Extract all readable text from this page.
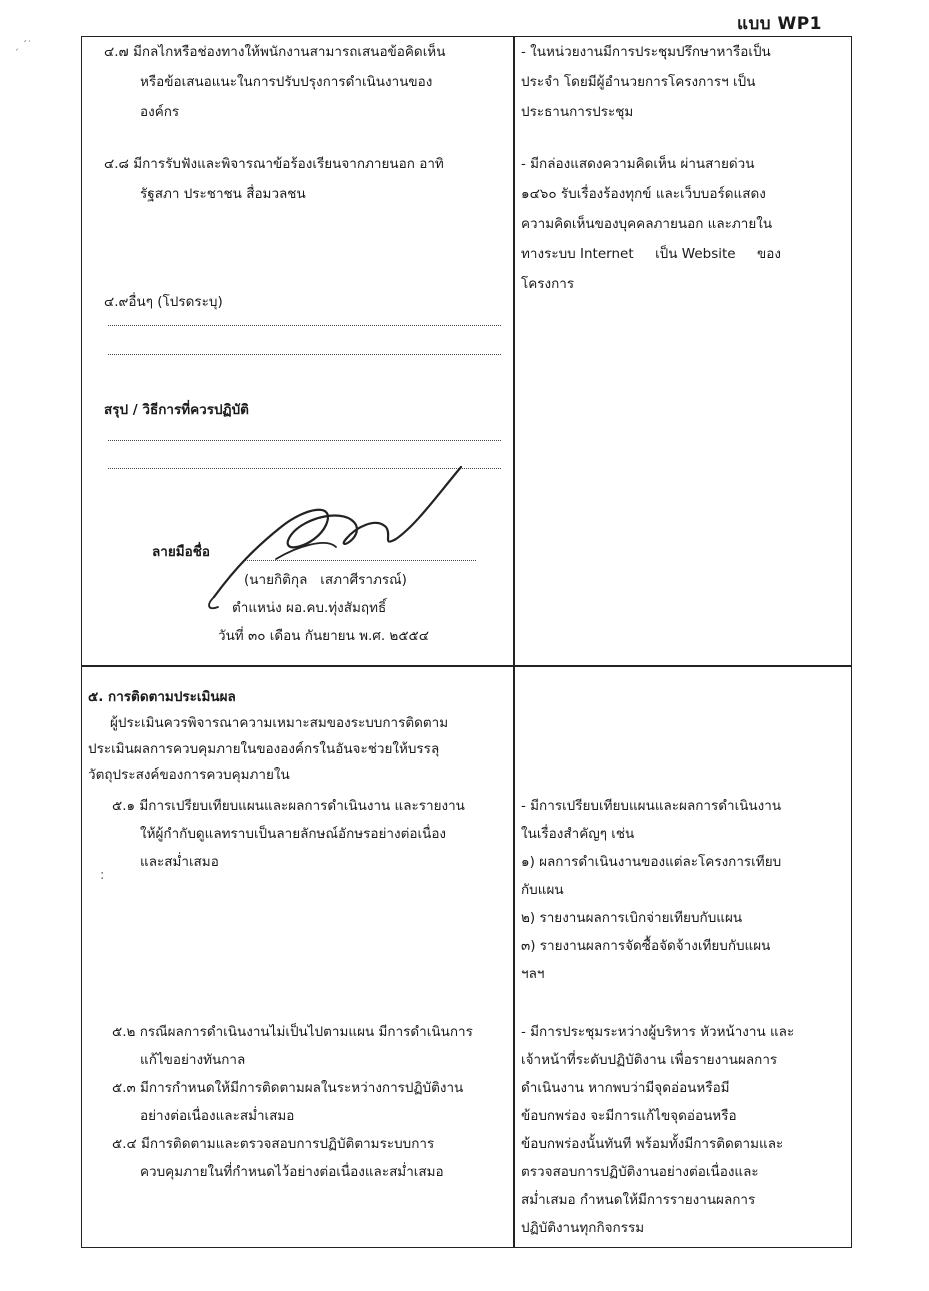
แบบ WP1
ˏ ˊ˙	๔.๗ มีกลไกหรือช่องทางให้พนักงานสามารถเสนอข้อคิดเห็น
หรือข้อเสนอแนะในการปรับปรุงการดำเนินงานของ
องค์กร
- ในหน่วยงานมีการประชุมปรึกษาหารือเป็น
ประจำ โดยมีผู้อำนวยการโครงการฯ เป็น
ประธานการประชุม
๔.๘ มีการรับฟังและพิจารณาข้อร้องเรียนจากภายนอก อาทิ
รัฐสภา ประชาชน สื่อมวลชน
- มีกล่องแสดงความคิดเห็น ผ่านสายด่วน
๑๔๖๐ รับเรื่องร้องทุกข์ และเว็บบอร์ดแสดง
ความคิดเห็นของบุคคลภายนอก และภายใน
ทางระบบ Internet     เป็น Website     ของ
โครงการ
๔.๙อื่นๆ (โปรดระบุ)
สรุป / วิธีการที่ควรปฏิบัติ
ลายมือชื่อ
(นายกิติกุล   เสภาศีราภรณ์)
ตำแหน่ง ผอ.คบ.ทุ่งสัมฤทธิ์
วันที่ ๓๐ เดือน กันยายน พ.ศ. ๒๕๕๔
๕. การติดตามประเมินผล
ผู้ประเมินควรพิจารณาความเหมาะสมของระบบการติดตาม
ประเมินผลการควบคุมภายในขององค์กรในอันจะช่วยให้บรรลุ
วัตถุประสงค์ของการควบคุมภายใน
๕.๑ มีการเปรียบเทียบแผนและผลการดำเนินงาน และรายงาน
ให้ผู้กำกับดูแลทราบเป็นลายลักษณ์อักษรอย่างต่อเนื่อง
และสม่ำเสมอ
:
- มีการเปรียบเทียบแผนและผลการดำเนินงาน
ในเรื่องสำคัญๆ เช่น
๑) ผลการดำเนินงานของแต่ละโครงการเทียบ
กับแผน
๒) รายงานผลการเบิกจ่ายเทียบกับแผน
๓) รายงานผลการจัดซื้อจัดจ้างเทียบกับแผน
ฯลฯ
๕.๒ กรณีผลการดำเนินงานไม่เป็นไปตามแผน มีการดำเนินการ
แก้ไขอย่างทันกาล
๕.๓ มีการกำหนดให้มีการติดตามผลในระหว่างการปฏิบัติงาน
อย่างต่อเนื่องและสม่ำเสมอ
๕.๔ มีการติดตามและตรวจสอบการปฏิบัติตามระบบการ
ควบคุมภายในที่กำหนดไว้อย่างต่อเนื่องและสม่ำเสมอ
- มีการประชุมระหว่างผู้บริหาร หัวหน้างาน และ
เจ้าหน้าที่ระดับปฏิบัติงาน เพื่อรายงานผลการ
ดำเนินงาน หากพบว่ามีจุดอ่อนหรือมี
ข้อบกพร่อง จะมีการแก้ไขจุดอ่อนหรือ
ข้อบกพร่องนั้นทันที พร้อมทั้งมีการติดตามและ
ตรวจสอบการปฏิบัติงานอย่างต่อเนื่องและ
สม่ำเสมอ กำหนดให้มีการรายงานผลการ
ปฏิบัติงานทุกกิจกรรม
